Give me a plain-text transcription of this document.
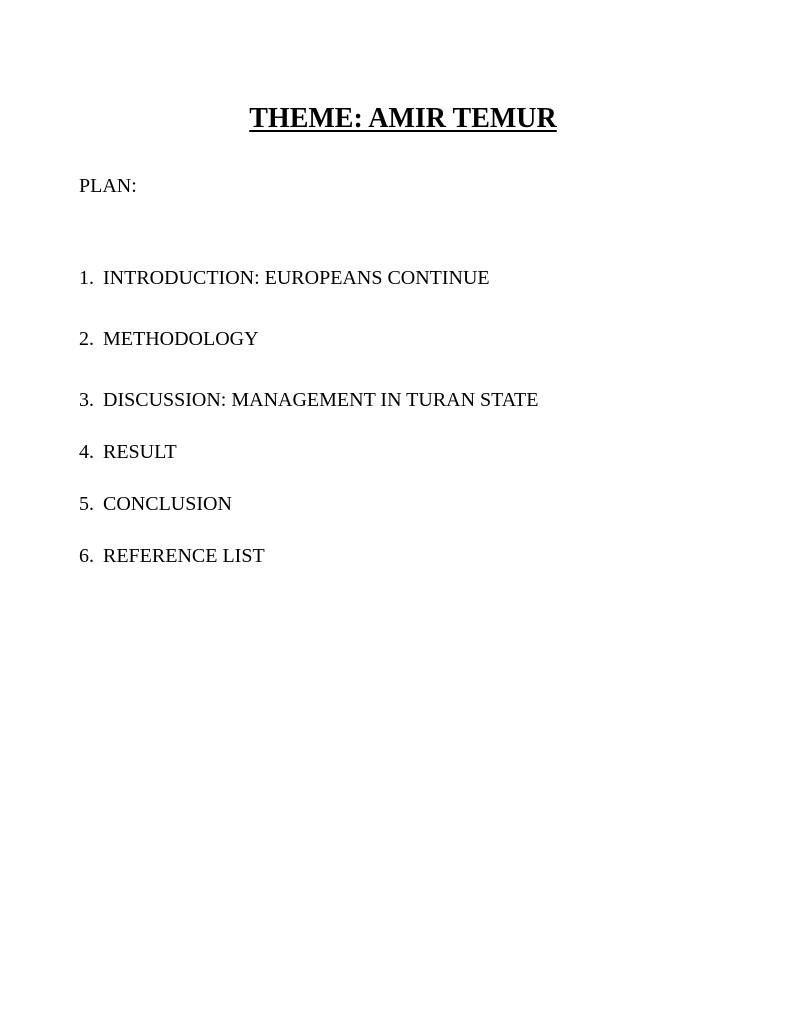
THEME: AMIR TEMUR

PLAN:

1. INTRODUCTION: EUROPEANS CONTINUE
2. METHODOLOGY
3. DISCUSSION: MANAGEMENT IN TURAN STATE
4. RESULT
5. CONCLUSION
6. REFERENCE LIST
